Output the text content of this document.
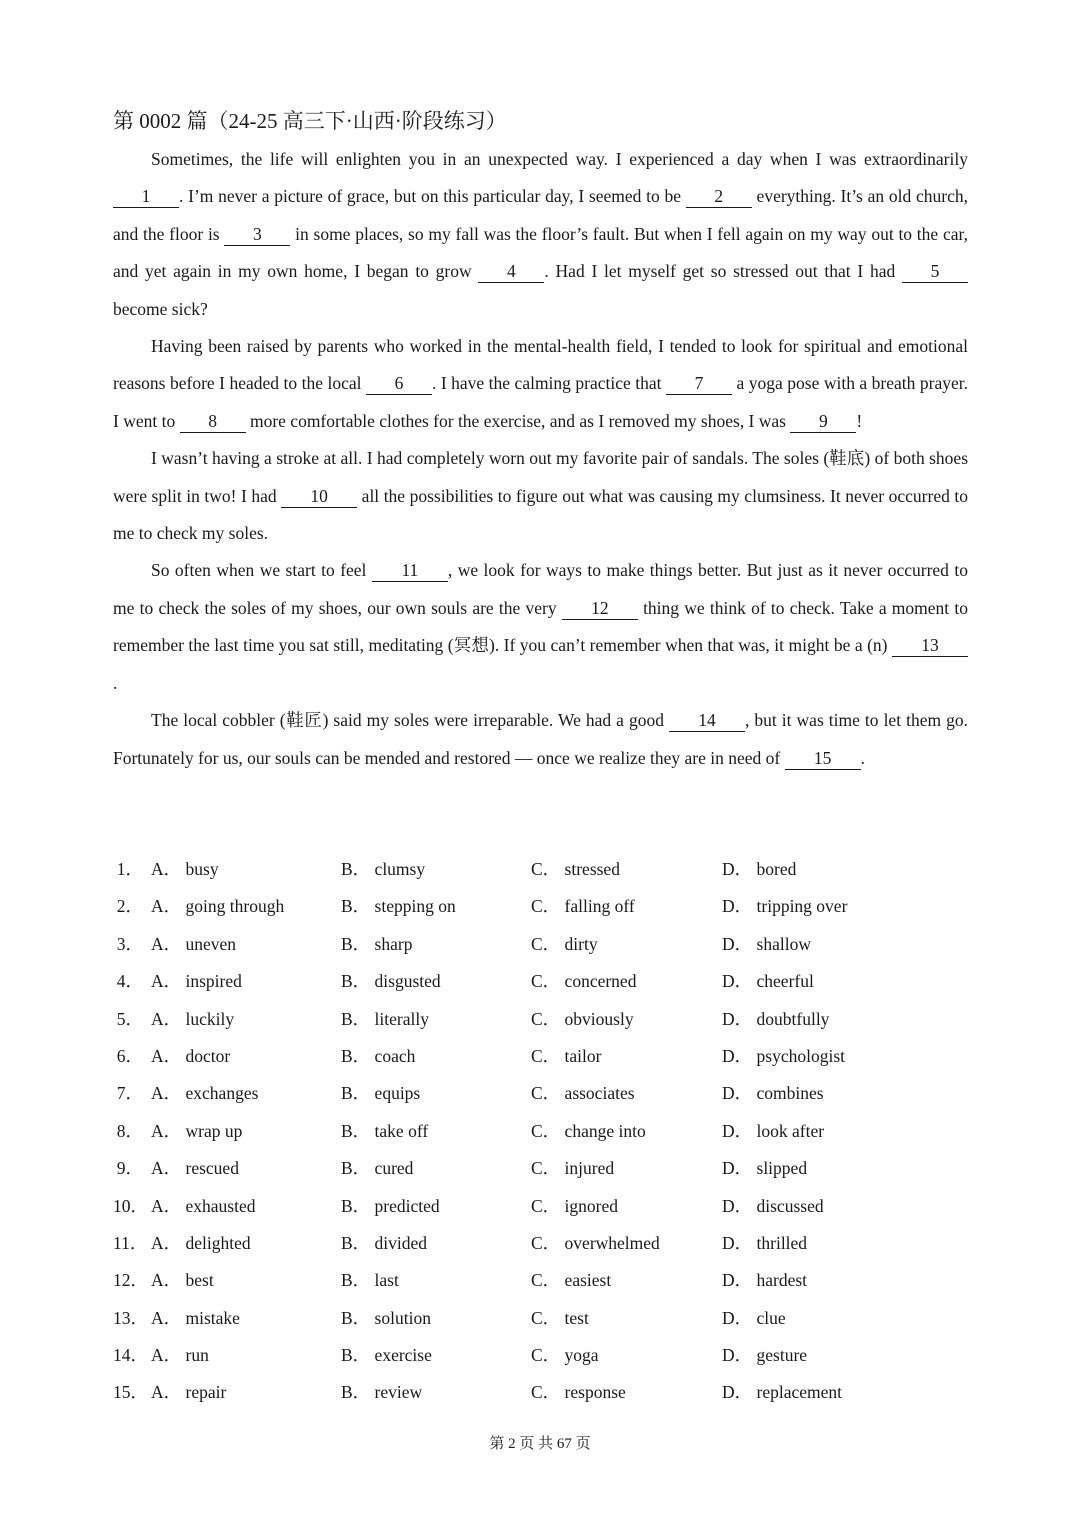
第 0002 篇（24-25 高三下·山西·阶段练习）

Sometimes, the life will enlighten you in an unexpected way. I experienced a day when I was extraordinarily 1 . I’m never a picture of grace, but on this particular day, I seemed to be 2 everything. It’s an old church, and the floor is 3 in some places, so my fall was the floor’s fault. But when I fell again on my way out to the car, and yet again in my own home, I began to grow 4 . Had I let myself get so stressed out that I had 5 become sick?

Having been raised by parents who worked in the mental-health field, I tended to look for spiritual and emotional reasons before I headed to the local 6 . I have the calming practice that 7 a yoga pose with a breath prayer. I went to 8 more comfortable clothes for the exercise, and as I removed my shoes, I was 9 !

I wasn’t having a stroke at all. I had completely worn out my favorite pair of sandals. The soles (鞋底) of both shoes were split in two! I had 10 all the possibilities to figure out what was causing my clumsiness. It never occurred to me to check my soles.

So often when we start to feel 11 , we look for ways to make things better. But just as it never occurred to me to check the soles of my shoes, our own souls are the very 12 thing we think of to check. Take a moment to remember the last time you sat still, meditating (冥想). If you can’t remember when that was, it might be a (n) 13.

The local cobbler (鞋匠) said my soles were irreparable. We had a good 14 , but it was time to let them go. Fortunately for us, our souls can be mended and restored — once we realize they are in need of 15 .

1． A． busy	B． clumsy	C． stressed	D． bored
2． A． going through	B． stepping on	C． falling off	D． tripping over
3． A． uneven	B． sharp	C． dirty	D． shallow
4． A． inspired	B． disgusted	C． concerned	D． cheerful
5． A． luckily	B． literally	C． obviously	D． doubtfully
6． A． doctor	B． coach	C． tailor	D． psychologist
7． A． exchanges	B． equips	C． associates	D． combines
8． A． wrap up	B． take off	C． change into	D． look after
9． A． rescued	B． cured	C． injured	D． slipped
10． A． exhausted	B． predicted	C． ignored	D． discussed
11． A． delighted	B． divided	C． overwhelmed	D． thrilled
12． A． best	B． last	C． easiest	D． hardest
13． A． mistake	B． solution	C． test	D． clue
14． A． run	B． exercise	C． yoga	D． gesture
15． A． repair	B． review	C． response	D． replacement
第 2 页 共 67 页
